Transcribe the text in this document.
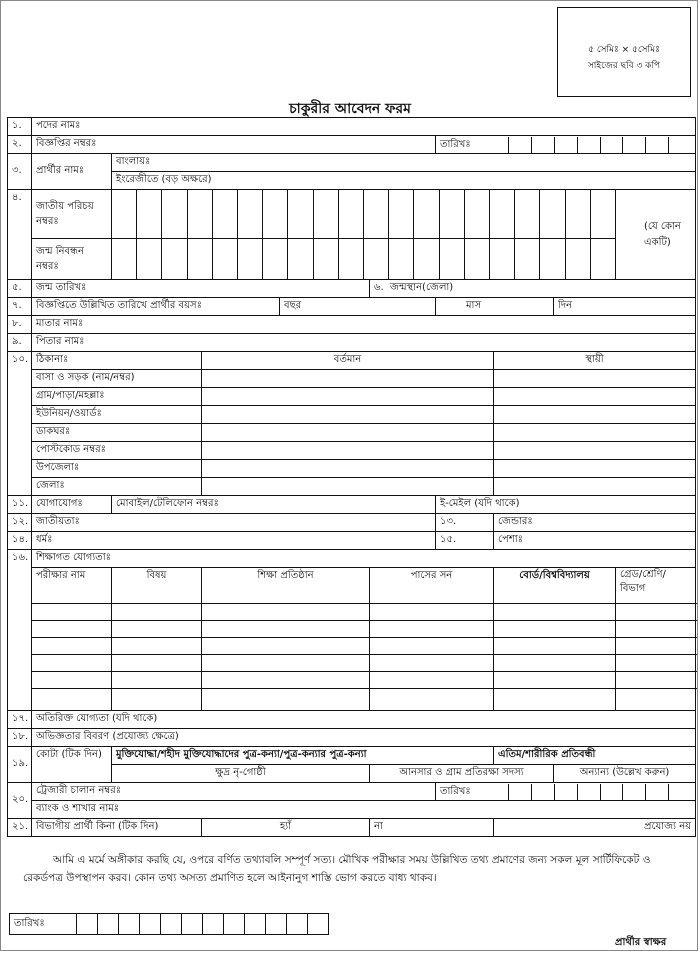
৫ সেমিঃ × ৫সেমিঃ
সাইজের ছবি ৩ কপি
চাকুরীর আবেদন ফরম
১.	পদের নামঃ								
২.	বিজ্ঞপ্তির নম্বরঃ					তারিখঃ			

৩.	প্রার্থীর নামঃ	বাংলায়ঃ							
		ইংরেজীতে (বড় অক্ষরে)							
৪.	জাতীয় পরিচয় নম্বরঃ								(যে কোন একটি)
	জন্ম নিবন্ধন নম্বরঃ								

৫.	জন্ম তারিখঃ				৬. জন্মস্থান(জেলা)				
৭.	বিজ্ঞপ্তিতে উল্লিখিত তারিখে প্রার্থীর বয়সঃ			বছর		মাস		দিন	
৮.	মাতার নামঃ								
৯.	পিতার নামঃ								
১০.	ঠিকানাঃ		বর্তমান				স্থায়ী		
	বাসা ও সড়ক (নাম/নম্বর)								
	গ্রাম/পাড়া/মহল্লাঃ								
	ইউনিয়ন/ওয়ার্ডঃ								
	ডাকঘরঃ								
	পোস্টকোড নম্বরঃ								
	উপজেলাঃ								
	জেলাঃ								
১১.	যোগাযোগঃ	মোবাইল/টেলিফোন নম্বরঃ				ই-মেইল (যদি থাকে)			
১২.	জাতীয়তাঃ					১৩.	জেন্ডারঃ		
১৪.	ধর্মঃ					১৫.	পেশাঃ		
১৬.	শিক্ষাগত যোগ্যতাঃ								
	পরীক্ষার নাম	বিষয়	শিক্ষা প্রতিষ্ঠান		পাসের সন		বোর্ড/বিশ্ববিদ্যালয়		গ্রেড/শ্রেণি/ বিভাগ

১৭.	অতিরিক্ত যোগ্যতা (যদি থাকে)								
১৮.	অভিজ্ঞতার বিবরণ (প্রযোজ্য ক্ষেত্রে)								
১৯.	কোটা (টিক দিন)	মুক্তিযোদ্ধা/শহীদ মুক্তিযোদ্ধাদের পুত্র-কন্যা/পুত্র-কন্যার পুত্র-কন্যা					এতিম/শারীরিক প্রতিবন্ধী		
		ক্ষুদ্র নৃ-গোষ্ঠী			আনসার ও গ্রাম প্রতিরক্ষা সদস্য			অন্যান্য (উল্লেখ করুন)	
২০.	ট্রেজারী চালান নম্বরঃ					তারিখঃ			

	ব্যাংক ও শাখার নামঃ								
২১.	বিভাগীয় প্রার্থী কিনা (টিক দিন)		হ্যাঁ		না		প্রযোজ্য নয়		
আমি এ মর্মে অঙ্গীকার করছি যে, ওপরে বর্ণিত তথ্যাবলি সম্পূর্ণ সত্য। মৌখিক পরীক্ষার সময় উল্লিখিত তথ্য প্রমাণের জন্য সকল মূল সার্টিফিকেট ও রেকর্ডপত্র উপস্থাপন করব। কোন তথ্য অসত্য প্রমাণিত হলে আইনানুগ শাস্তি ভোগ করতে বাধ্য থাকব।
তারিখঃ												
প্রার্থীর স্বাক্ষর
